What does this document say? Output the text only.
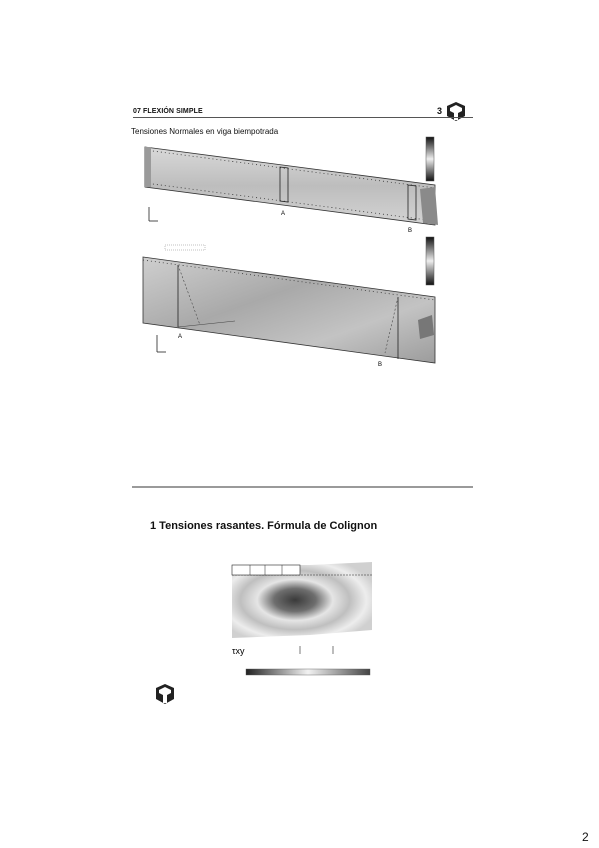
07 FLEXIÓN SIMPLE	3
Tensiones Normales en viga biempotrada
A
B
A
B
1 Tensiones rasantes. Fórmula de Colignon
τxy
2
